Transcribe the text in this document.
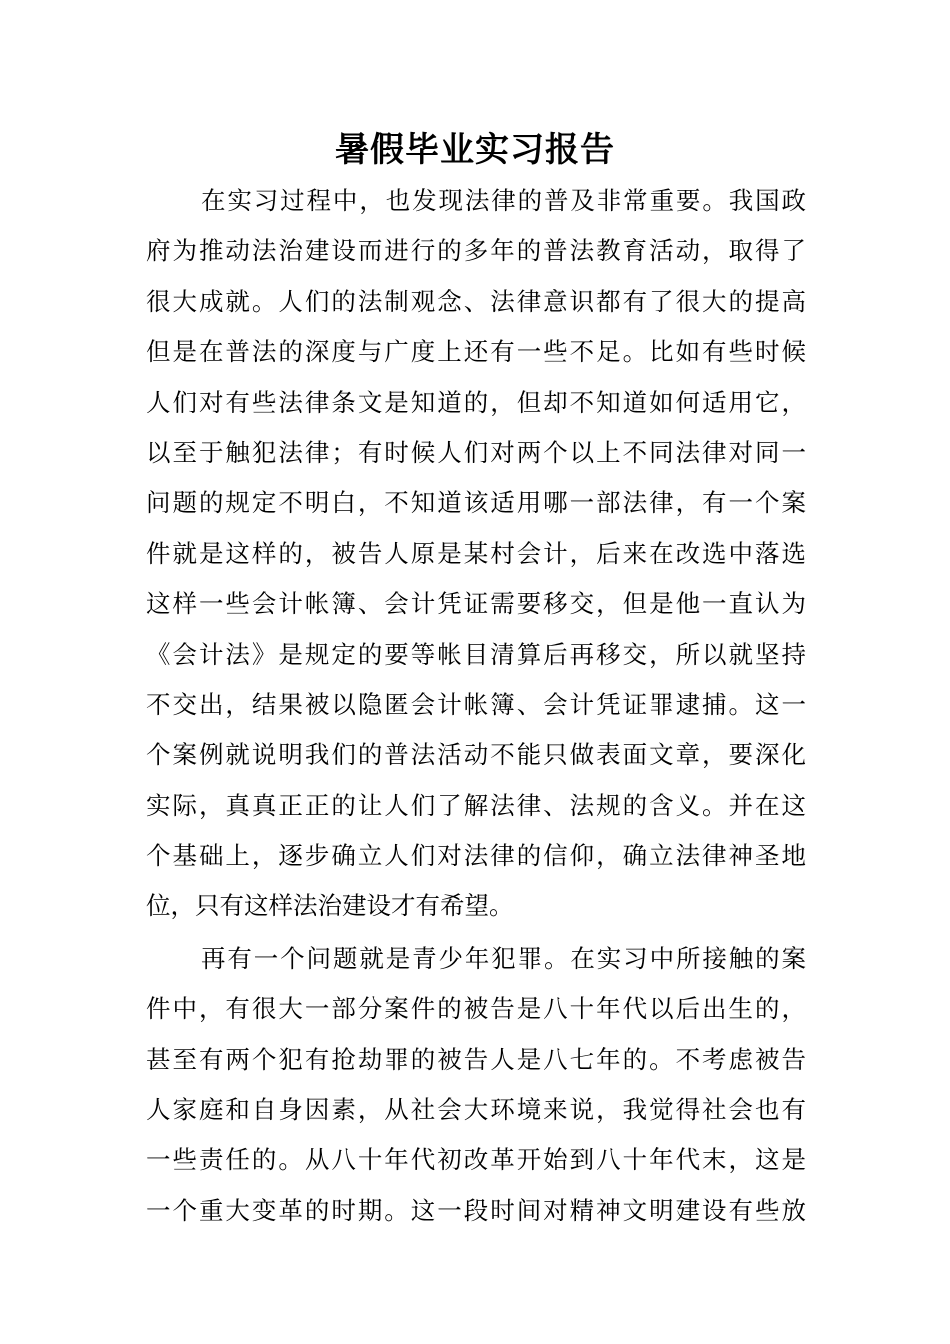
暑假毕业实习报告
在实习过程中，也发现法律的普及非常重要。我国政
府为推动法治建设而进行的多年的普法教育活动，取得了
很大成就。人们的法制观念、法律意识都有了很大的提高
但是在普法的深度与广度上还有一些不足。比如有些时候
人们对有些法律条文是知道的，但却不知道如何适用它，
以至于触犯法律；有时候人们对两个以上不同法律对同一
问题的规定不明白，不知道该适用哪一部法律，有一个案
件就是这样的，被告人原是某村会计，后来在改选中落选
这样一些会计帐簿、会计凭证需要移交，但是他一直认为
《会计法》是规定的要等帐目清算后再移交，所以就坚持
不交出，结果被以隐匿会计帐簿、会计凭证罪逮捕。这一
个案例就说明我们的普法活动不能只做表面文章，要深化
实际，真真正正的让人们了解法律、法规的含义。并在这
个基础上，逐步确立人们对法律的信仰，确立法律神圣地
位，只有这样法治建设才有希望。
再有一个问题就是青少年犯罪。在实习中所接触的案
件中，有很大一部分案件的被告是八十年代以后出生的，
甚至有两个犯有抢劫罪的被告人是八七年的。不考虑被告
人家庭和自身因素，从社会大环境来说，我觉得社会也有
一些责任的。从八十年代初改革开始到八十年代末，这是
一个重大变革的时期。这一段时间对精神文明建设有些放
